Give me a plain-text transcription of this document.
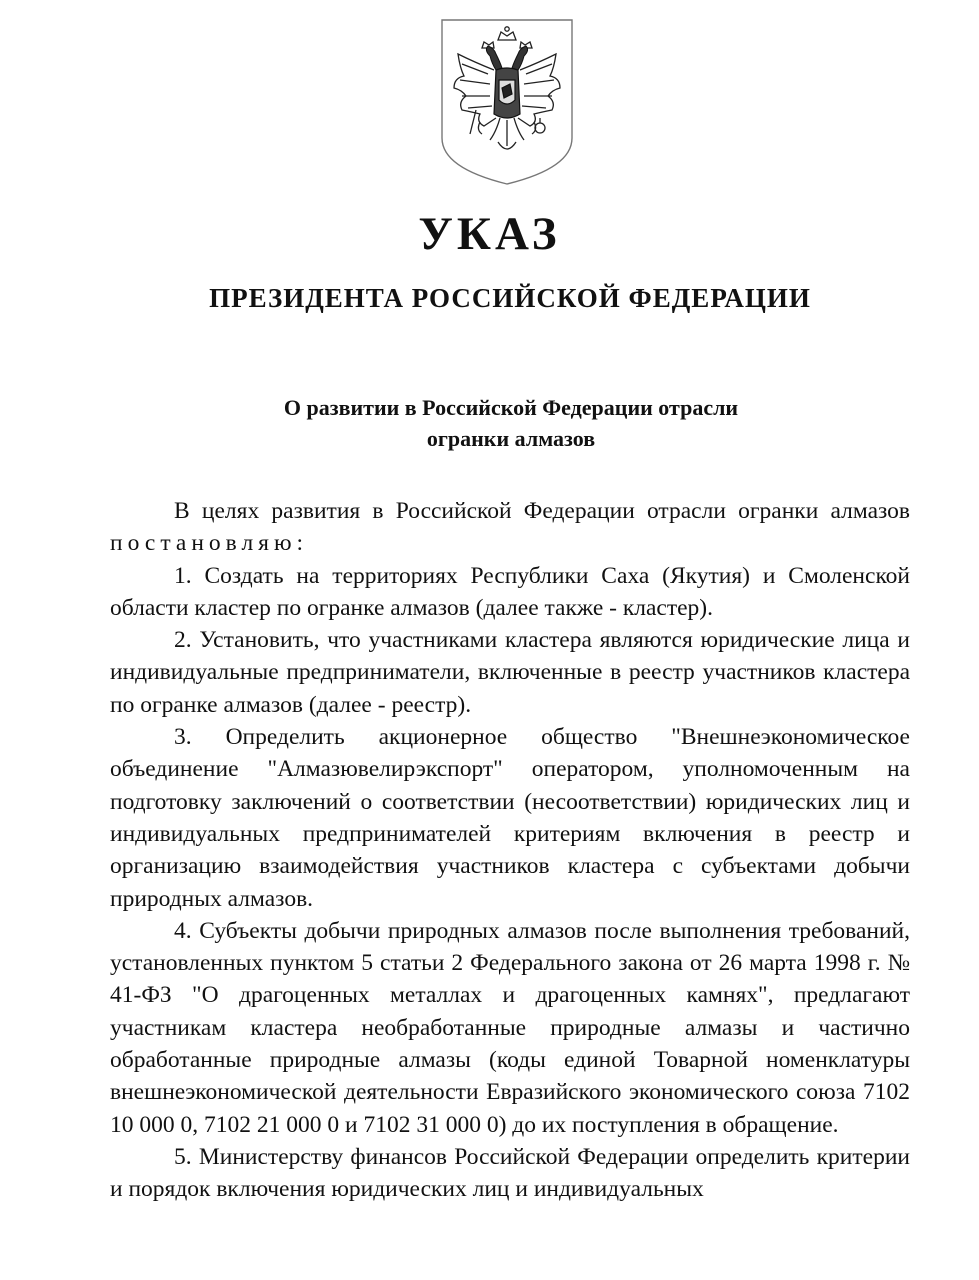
УКАЗ
ПРЕЗИДЕНТА РОССИЙСКОЙ ФЕДЕРАЦИИ
О развитии в Российской Федерации отрасли
огранки алмазов

В целях развития в Российской Федерации отрасли огранки алмазов постановляю:

1. Создать на территориях Республики Саха (Якутия) и Смоленской области кластер по огранке алмазов (далее также - кластер).

2. Установить, что участниками кластера являются юридические лица и индивидуальные предприниматели, включенные в реестр участников кластера по огранке алмазов (далее - реестр).

3. Определить акционерное общество "Внешнеэкономическое объединение "Алмазювелирэкспорт" оператором, уполномоченным на подготовку заключений о соответствии (несоответствии) юридических лиц и индивидуальных предпринимателей критериям включения в реестр и организацию взаимодействия участников кластера с субъектами добычи природных алмазов.

4. Субъекты добычи природных алмазов после выполнения требований, установленных пунктом 5 статьи 2 Федерального закона от 26 марта 1998 г. № 41-ФЗ "О драгоценных металлах и драгоценных камнях", предлагают участникам кластера необработанные природные алмазы и частично обработанные природные алмазы (коды единой Товарной номенклатуры внешнеэкономической деятельности Евразийского экономического союза 7102 10 000 0, 7102 21 000 0 и 7102 31 000 0) до их поступления в обращение.

5. Министерству финансов Российской Федерации определить критерии и порядок включения юридических лиц и индивидуальных
